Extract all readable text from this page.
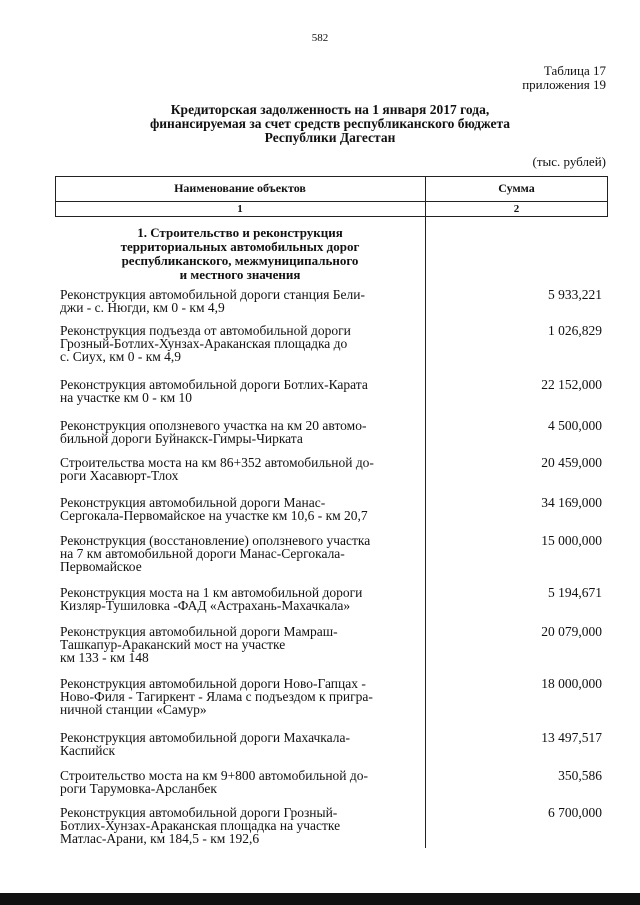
582
Таблица 17
приложения 19
Кредиторская задолженность на 1 января 2017 года,
финансируемая за счет средств республиканского бюджета
Республики Дагестан
(тыс. рублей)
Наименование объектов	Сумма
1	2
1. Строительство и реконструкция
территориальных автомобильных дорог
республиканского, межмуниципального
и местного значения
Реконструкция автомобильной дороги станция Бели-
джи - с. Нюгди, км 0 - км 4,9
5 933,221
Реконструкция подъезда от автомобильной дороги
Грозный-Ботлих-Хунзах-Араканская площадка до
с. Сиух, км 0 - км 4,9
1 026,829
Реконструкция автомобильной дороги Ботлих-Карата
на участке км 0 - км 10
22 152,000
Реконструкция оползневого участка на км 20 автомо-
бильной дороги Буйнакск-Гимры-Чирката
4 500,000
Строительства моста на км 86+352 автомобильной до-
роги Хасавюрт-Тлох
20 459,000
Реконструкция автомобильной дороги Манас-
Сергокала-Первомайское на участке км 10,6 - км 20,7
34 169,000
Реконструкция (восстановление) оползневого участка
на 7 км автомобильной дороги Манас-Сергокала-
Первомайское
15 000,000
Реконструкция моста на 1 км автомобильной дороги
Кизляр-Тушиловка -ФАД «Астрахань-Махачкала»
5 194,671
Реконструкция автомобильной дороги Мамраш-
Ташкапур-Араканский мост на участке
км 133 - км 148
20 079,000
Реконструкция автомобильной дороги Ново-Гапцах -
Ново-Филя - Тагиркент - Ялама с подъездом к пригра-
ничной станции «Самур»
18 000,000
Реконструкция автомобильной дороги Махачкала-
Каспийск
13 497,517
Строительство моста на км 9+800 автомобильной до-
роги Тарумовка-Арсланбек
350,586
Реконструкция автомобильной дороги Грозный-
Ботлих-Хунзах-Араканская площадка на участке
Матлас-Арани, км 184,5 - км 192,6
6 700,000
